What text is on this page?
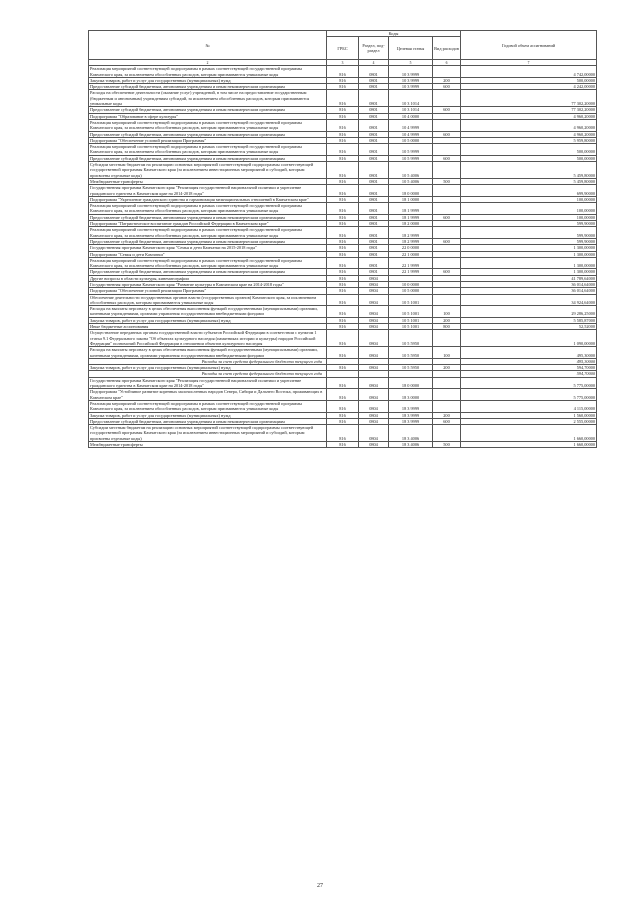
№	Коды				Годовой объем ассигнований
	ГРБС	Раздел, под-раздел	Целевая статья	Вид расходов	
	2	3	4	5	6	7
	Реализация мероприятий соответствующей подпрограммы в рамках соответствующей государственной программы Камчатского края, за исключением обособленных расходов, которым присваиваются уникальные коды	816	0801	10 3 9999		4 742,00000
	Закупка товаров, работ и услуг для государственных (муниципальных) нужд	816	0801	10 3 9999	200	500,00000
	Предоставление субсидий бюджетным, автономным учреждениям и иным некоммерческим организациям	816	0801	10 3 9999	600	4 242,00000
	Расходы на обеспечение деятельности (оказание услуг) учреждений, в том числе на предоставление государственным (бюджетным и автономным) учреждениям субсидий, за исключением обособленных расходов, которым присваиваются уникальные коды	816	0801	10 3 1014		77 302,20000
	Предоставление субсидий бюджетным, автономным учреждениям и иным некоммерческим организациям	816	0801	10 3 1014	600	77 302,20000
	Подпрограмма "Образование в сфере культуры"	816	0801	10 4 0000		4 960,20000
	Реализация мероприятий соответствующей подпрограммы в рамках соответствующей государственной программы Камчатского края, за исключением обособленных расходов, которым присваиваются уникальные коды	816	0801	10 4 9999		4 960,20000
	Предоставление субсидий бюджетным, автономным учреждениям и иным некоммерческим организациям	816	0801	10 4 9999	600	4 960,20000
	Подпрограмма "Обеспечение условий реализации Программы"	816	0801	10 5 0000		5 959,80000
	Реализация мероприятий соответствующей подпрограммы в рамках соответствующей государственной программы Камчатского края, за исключением обособленных расходов, которым присваиваются уникальные коды	816	0801	10 5 9999		500,00000
	Предоставление субсидий бюджетным, автономным учреждениям и иным некоммерческим организациям	816	0801	10 5 9999	600	500,00000
	Субсидии местным бюджетам на реализацию основных мероприятий соответствующей подпрограммы соответствующей государственной программы Камчатского края (за исключением инвестиционных мероприятий и субсидий, которым присвоены отдельные коды)	816	0801	10 5 4006		5 459,80000
	Межбюджетные трансферты	816	0801	10 5 4006	500	5 459,80000
	Государственная программа Камчатского края "Реализация государственной национальной политики и укрепление гражданского единства в Камчатском крае на 2014-2018 годы"	816	0801	18 0 0000		699,90000
	Подпрограмма "Укрепление гражданского единства и гармонизация межнациональных отношений в Камчатском крае"	816	0801	18 1 0000		100,00000
	Реализация мероприятий соответствующей подпрограммы в рамках соответствующей государственной программы Камчатского края, за исключением обособленных расходов, которым присваиваются уникальные коды	816	0801	18 1 9999		100,00000
	Предоставление субсидий бюджетным, автономным учреждениям и иным некоммерческим организациям	816	0801	18 1 9999	600	100,00000
	Подпрограмма "Патриотическое воспитание граждан Российской Федерации в Камчатском крае"	816	0801	18 2 0000		599,90000
	Реализация мероприятий соответствующей подпрограммы в рамках соответствующей государственной программы Камчатского края, за исключением обособленных расходов, которым присваиваются уникальные коды	816	0801	18 2 9999		599,90000
	Предоставление субсидий бюджетным, автономным учреждениям и иным некоммерческим организациям	816	0801	18 2 9999	600	599,90000
	Государственная программа Камчатского края "Семья и дети Камчатки на 2015-2018 годы"	816	0801	22 0 0000		1 300,00000
	Подпрограмма "Семья и дети Камчатки"	816	0801	22 1 0000		1 300,00000
	Реализация мероприятий соответствующей подпрограммы в рамках соответствующей государственной программы Камчатского края, за исключением обособленных расходов, которым присваиваются уникальные коды	816	0801	22 1 9999		1 300,00000
	Предоставление субсидий бюджетным, автономным учреждениям и иным некоммерческим организациям	816	0801	22 1 9999	600	1 300,00000
	Другие вопросы в области культуры, кинематографии	816	0804			41 789,64000
	Государственная программа Камчатского края "Развитие культуры в Камчатском крае на 2014-2018 годы"	816	0804	10 0 0000		36 014,64000
	Подпрограмма "Обеспечение условий реализации Программы"	816	0804	10 5 0000		36 014,64000
	Обеспечение деятельности государственных органов власти (государственных органов) Камчатского края, за исключением обособленных расходов, которым присваиваются уникальные коды	816	0804	10 5 1001		34 924,64000
	Расходы на выплаты персоналу в целях обеспечения выполнения функций государственными (муниципальными) органами, казенными учреждениями, органами управления государственными внебюджетными фондами	816	0804	10 5 1001	100	29 286,25000
	Закупка товаров, работ и услуг для государственных (муниципальных) нужд	816	0804	10 5 1001	200	5 585,87000
	Иные бюджетные ассигнования	816	0804	10 5 1001	800	52,52000
	Осуществление переданных органам государственной власти субъектов Российской Федерации в соответствии с пунктом 1 статьи 9.1 Федерального закона "Об объектах культурного наследия (памятниках истории и культуры) народов Российской Федерации" полномочий Российской Федерации в отношении объектов культурного наследия	816	0804	10 5 5950		1 090,00000
	Расходы на выплаты персоналу в целях обеспечения выполнения функций государственными (муниципальными) органами, казенными учреждениями, органами управления государственными внебюджетными фондами	816	0804	10 5 5950	100	495,30000
	Расходы за счет средств федерального бюджета текущего года					495,30000
	Закупка товаров, работ и услуг для государственных (муниципальных) нужд	816	0804	10 5 5950	200	594,70000
	Расходы за счет средств федерального бюджета текущего года					594,70000
	Государственная программа Камчатского края "Реализация государственной национальной политики и укрепление гражданского единства в Камчатском крае на 2014-2018 годы"	816	0804	18 0 0000		5 775,00000
	Подпрограмма "Устойчивое развитие коренных малочисленных народов Севера, Сибири и Дальнего Востока, проживающих в Камчатском крае"	816	0804	18 3 0000		5 775,00000
	Реализация мероприятий соответствующей подпрограммы в рамках соответствующей государственной программы Камчатского края, за исключением обособленных расходов, которым присваиваются уникальные коды	816	0804	18 3 9999		4 115,00000
	Закупка товаров, работ и услуг для государственных (муниципальных) нужд	816	0804	18 3 9999	200	1 560,00000
	Предоставление субсидий бюджетным, автономным учреждениям и иным некоммерческим организациям	816	0804	18 3 9999	600	2 555,00000
	Субсидии местным бюджетам на реализацию основных мероприятий соответствующей подпрограммы соответствующей государственной программы Камчатского края (за исключением инвестиционных мероприятий и субсидий, которым присвоены отдельные коды)	816	0804	18 3 4006		1 660,00000
	Межбюджетные трансферты	816	0804	18 3 4006	500	1 660,00000
27
